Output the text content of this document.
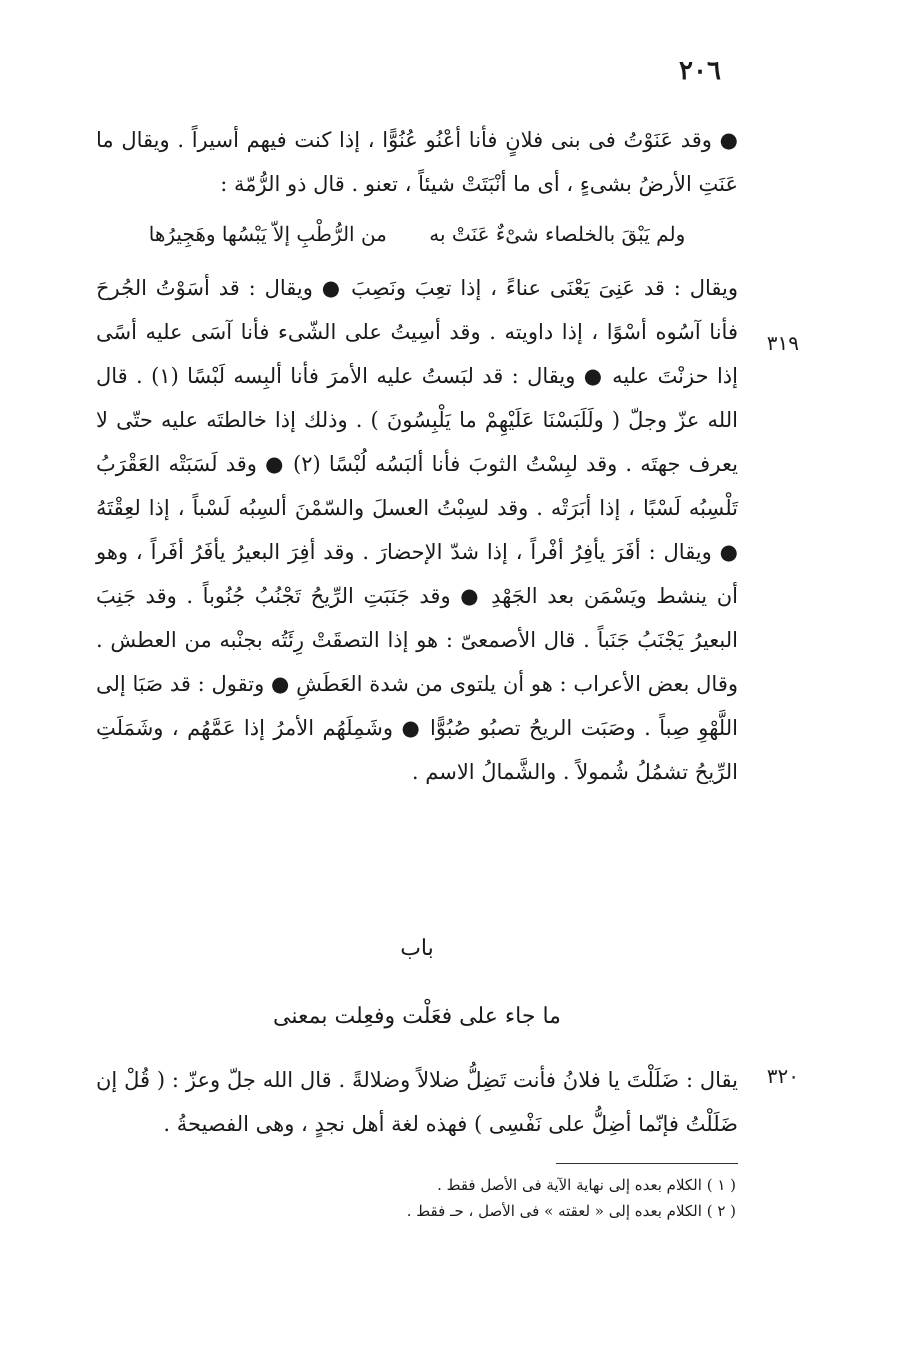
٢٠٦

● وقد عَنَوْتُ فى بنى فلانٍ فأنا أعْنُو عُنُوًّا ، إذا كنت فيهم أسيراً . ويقال ما عَنَتِ الأرضُ بشىءٍ ، أى ما أنْبَتَتْ شيئاً ، تعنو . قال ذو الرُّمّة :

ولم يَبْقَ بالخلصاء شىْءٌ عَنَتْ به من الرُّطْبِ إلاّ يَبْسُها وهَجِيرُها

ويقال : قد عَنِىَ يَعْنَى عناءً ، إذا تعِبَ ونَصِبَ ● ويقال : قد أسَوْتُ الجُرحَ فأنا آسُوه أسْوًا ، إذا داويته . وقد أسِيتُ على الشّىء فأنا آسَى عليه أسًى إذا حزنْتَ عليه ● ويقال : قد لبَستُ عليه الأمرَ فأنا ألبِسه لَبْسًا (١) . قال الله عزّ وجلّ ( ولَلَبَسْنَا عَلَيْهِمْ ما يَلْبِسُونَ ) . وذلك إذا خالطتَه عليه حتّى لا يعرف جهتَه . وقد لبِسْتُ الثوبَ فأنا ألبَسُه لُبْسًا (٢) ● وقد لَسَبَتْه العَقْرَبُ تَلْسِبُه لَسْبًا ، إذا أبَرَتْه . وقد لسِبْتُ العسلَ والسّمْنَ ألسِبُه لَسْباً ، إذا لعِقْتَهُ ● ويقال : أفَرَ يأفِرُ أفْراً ، إذا شدّ الإحضارَ . وقد أفِرَ البعيرُ يأفَرُ أفَراً ، وهو أن ينشط ويَسْمَن بعد الجَهْدِ ● وقد جَنَبَتِ الرِّيحُ تَجْنُبُ جُنُوباً . وقد جَنِبَ البعيرُ يَجْنَبُ جَنَباً . قال الأصمعىّ : هو إذا التصقَتْ رِئَتُه بجنْبه من العطش . وقال بعض الأعراب : هو أن يلتوى من شدة العَطَشِ ● وتقول : قد صَبَا إلى اللَّهْوِ صِباً . وصَبَت الريحُ تصبُو صُبُوًّا ● وشَمِلَهُم الأمرُ إذا عَمَّهُم ، وشَمَلَتِ الرِّيحُ تشمُلُ شُمولاً . والشَّمالُ الاسم .

٣١٩
باب
ما جاء على فعَلْت وفعِلت بمعنى
٣٢٠
يقال : ضَلَلْتَ يا فلانُ فأنت تَضِلُّ ضلالاً وضلالةً . قال الله جلّ وعزّ : ( قُلْ إن ضَلَلْتُ فإنّما أضِلُّ على نَفْسِى ) فهذه لغة أهل نجدٍ ، وهى الفصيحةُ .

( ١ ) الكلام بعده إلى نهاية الآية فى الأصل فقط .

( ٢ ) الكلام بعده إلى « لعقته » فى الأصل ، حـ فقط .
